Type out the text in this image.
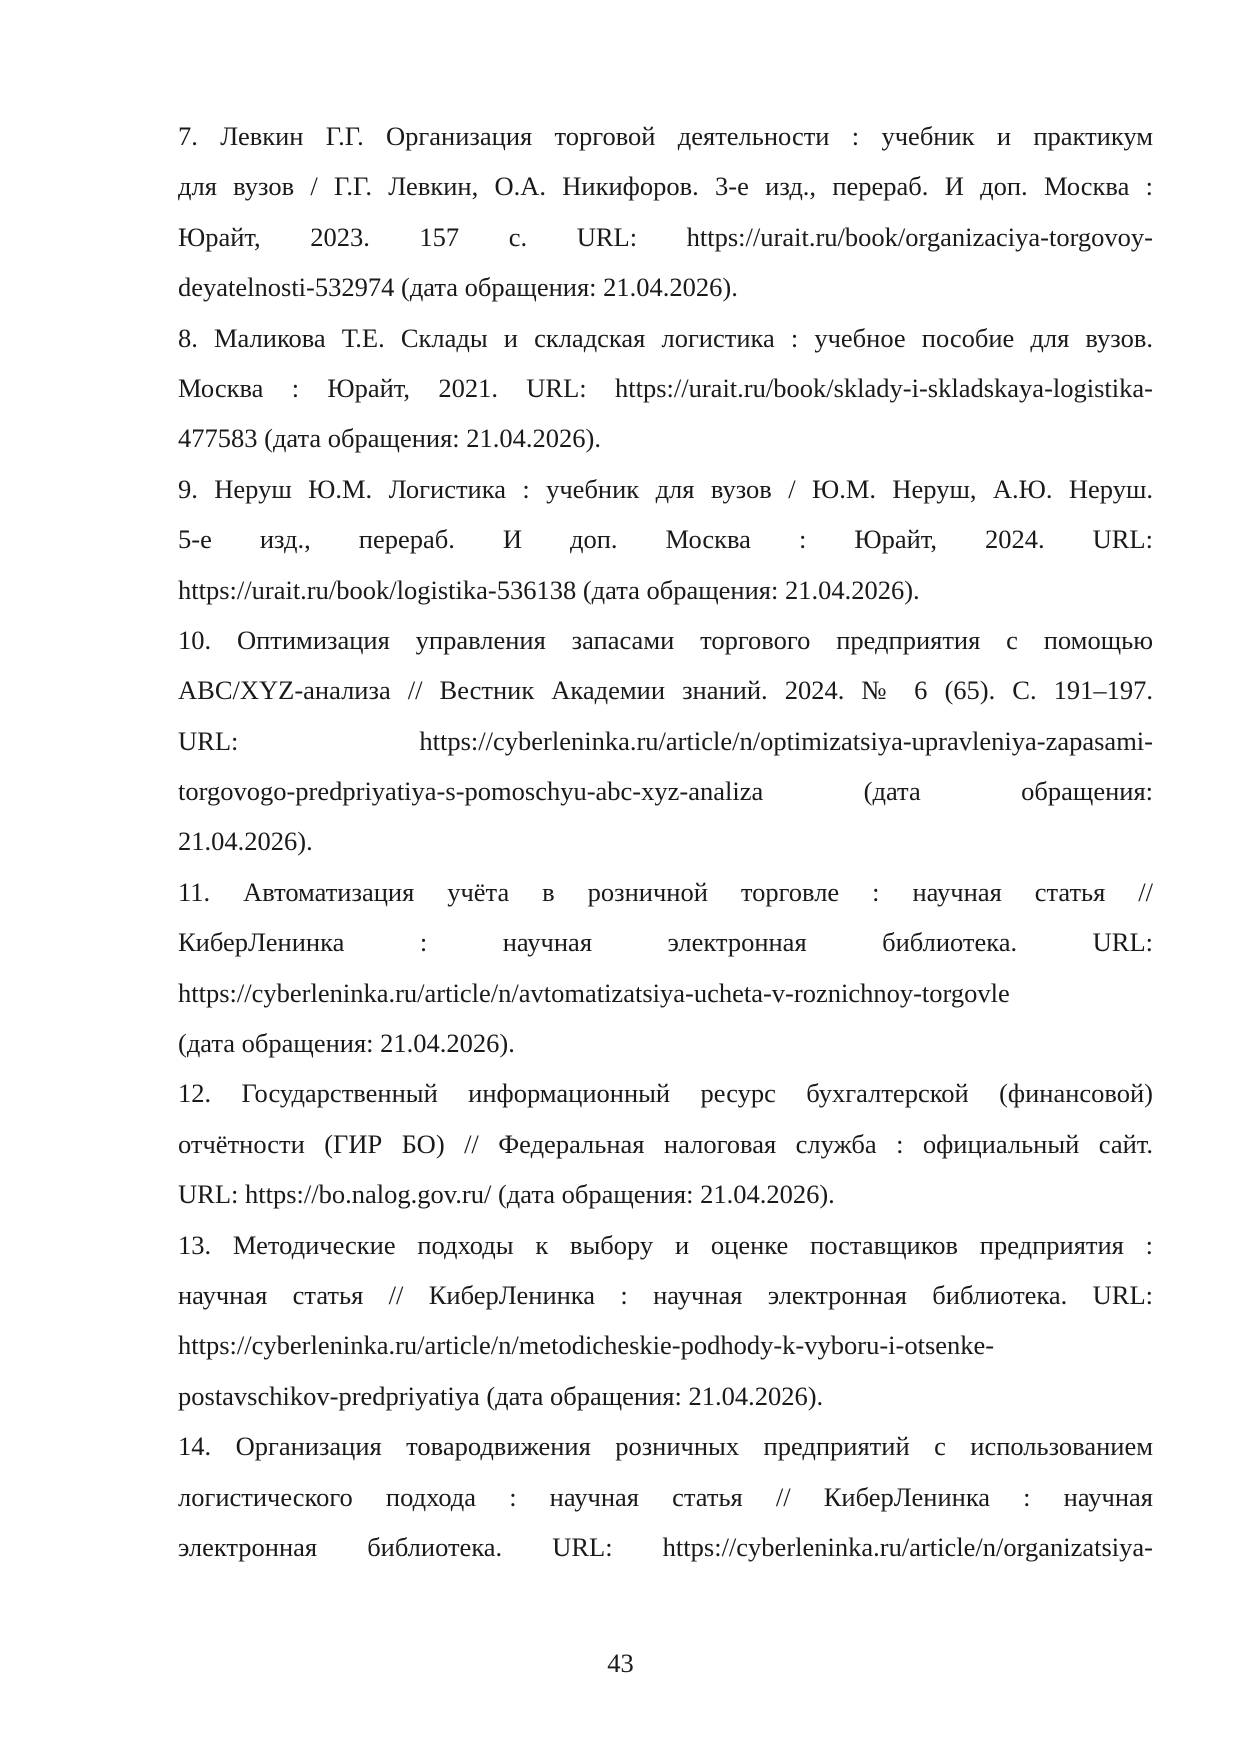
7. Левкин Г.Г. Организация торговой деятельности : учебник и практикум
для вузов / Г.Г. Левкин, О.А. Никифоров. 3-е изд., перераб. И доп. Москва :
Юрайт, 2023. 157 с. URL: https://urait.ru/book/organizaciya-torgovoy-
deyatelnosti-532974 (дата обращения: 21.04.2026).
8. Маликова Т.Е. Склады и складская логистика : учебное пособие для вузов.
Москва : Юрайт, 2021. URL: https://urait.ru/book/sklady-i-skladskaya-logistika-
477583 (дата обращения: 21.04.2026).
9. Неруш Ю.М. Логистика : учебник для вузов / Ю.М. Неруш, А.Ю. Неруш.
5-е изд., перераб. И доп. Москва : Юрайт, 2024. URL:
https://urait.ru/book/logistika-536138 (дата обращения: 21.04.2026).
10. Оптимизация управления запасами торгового предприятия с помощью
ABC/XYZ-анализа // Вестник Академии знаний. 2024. № 6 (65). С. 191–197.
URL: https://cyberleninka.ru/article/n/optimizatsiya-upravleniya-zapasami-
torgovogo-predpriyatiya-s-pomoschyu-abc-xyz-analiza (дата обращения:
21.04.2026).
11. Автоматизация учёта в розничной торговле : научная статья //
КиберЛенинка : научная электронная библиотека. URL:
https://cyberleninka.ru/article/n/avtomatizatsiya-ucheta-v-roznichnoy-torgovle
(дата обращения: 21.04.2026).
12. Государственный информационный ресурс бухгалтерской (финансовой)
отчётности (ГИР БО) // Федеральная налоговая служба : официальный сайт.
URL: https://bo.nalog.gov.ru/ (дата обращения: 21.04.2026).
13. Методические подходы к выбору и оценке поставщиков предприятия :
научная статья // КиберЛенинка : научная электронная библиотека. URL:
https://cyberleninka.ru/article/n/metodicheskie-podhody-k-vyboru-i-otsenke-
postavschikov-predpriyatiya (дата обращения: 21.04.2026).
14. Организация товародвижения розничных предприятий с использованием
логистического подхода : научная статья // КиберЛенинка : научная
электронная библиотека. URL: https://cyberleninka.ru/article/n/organizatsiya-
43
